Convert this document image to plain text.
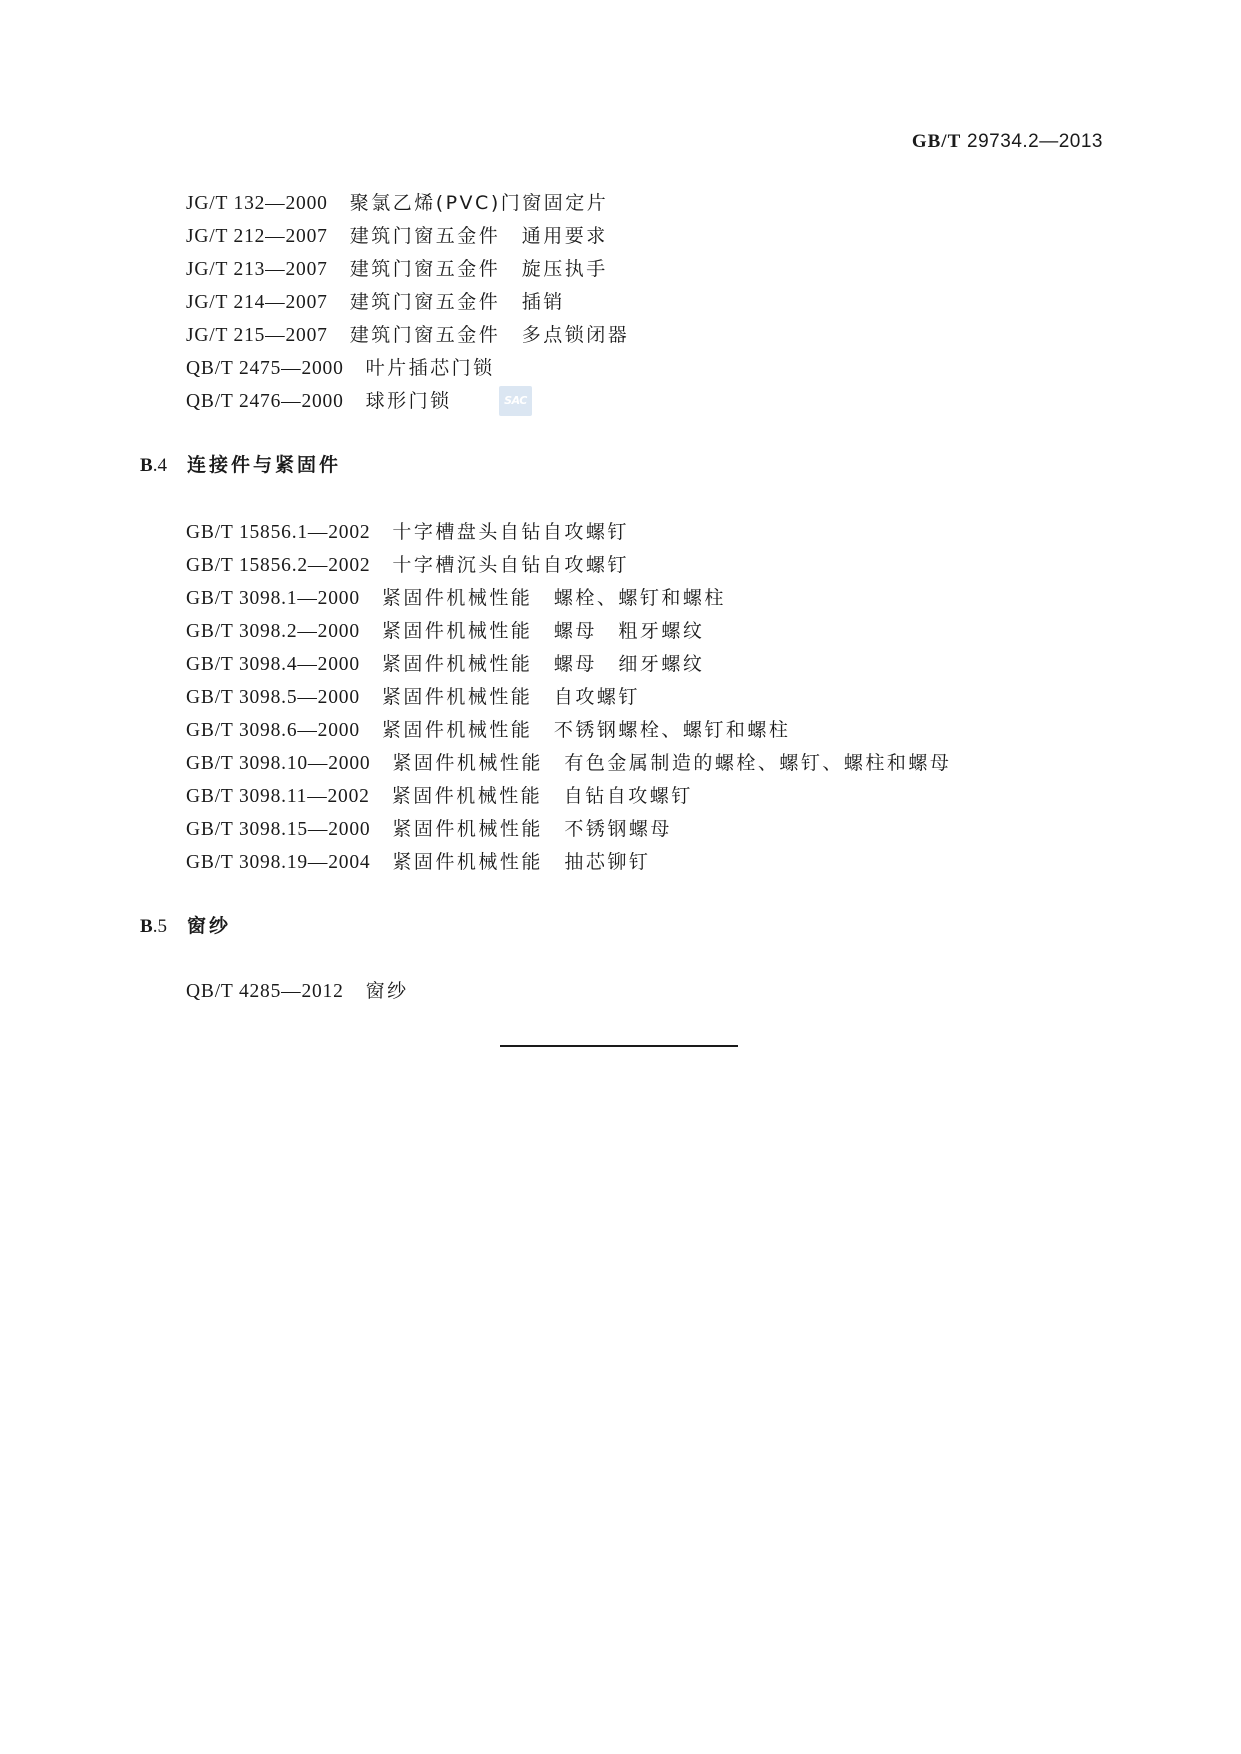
GB/T 29734.2—2013
JG/T 132—2000 聚氯乙烯(PVC)门窗固定片
JG/T 212—2007 建筑门窗五金件　通用要求
JG/T 213—2007 建筑门窗五金件　旋压执手
JG/T 214—2007 建筑门窗五金件　插销
JG/T 215—2007 建筑门窗五金件　多点锁闭器
QB/T 2475—2000 叶片插芯门锁
QB/T 2476—2000 球形门锁	SAC
B.4 连接件与紧固件
GB/T 15856.1—2002 十字槽盘头自钻自攻螺钉
GB/T 15856.2—2002 十字槽沉头自钻自攻螺钉
GB/T 3098.1—2000 紧固件机械性能　螺栓、螺钉和螺柱
GB/T 3098.2—2000 紧固件机械性能　螺母　粗牙螺纹
GB/T 3098.4—2000 紧固件机械性能　螺母　细牙螺纹
GB/T 3098.5—2000 紧固件机械性能　自攻螺钉
GB/T 3098.6—2000 紧固件机械性能　不锈钢螺栓、螺钉和螺柱
GB/T 3098.10—2000 紧固件机械性能　有色金属制造的螺栓、螺钉、螺柱和螺母
GB/T 3098.11—2002 紧固件机械性能　自钻自攻螺钉
GB/T 3098.15—2000 紧固件机械性能　不锈钢螺母
GB/T 3098.19—2004 紧固件机械性能　抽芯铆钉
B.5 窗纱
QB/T 4285—2012 窗纱
